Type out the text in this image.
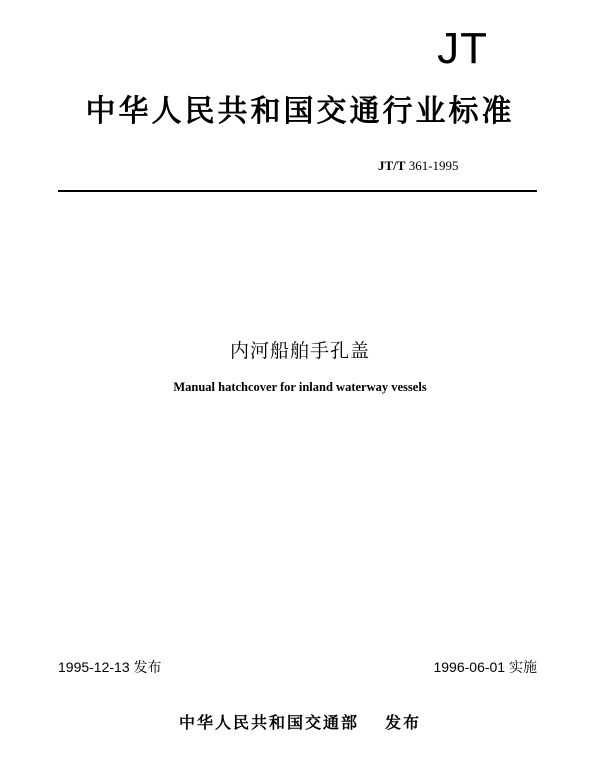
JT
中华人民共和国交通行业标准
JT/T 361-1995
内河船舶手孔盖
Manual hatchcover for inland waterway vessels
1995-12-13 发布	1996-06-01 实施
中华人民共和国交通部 发布
